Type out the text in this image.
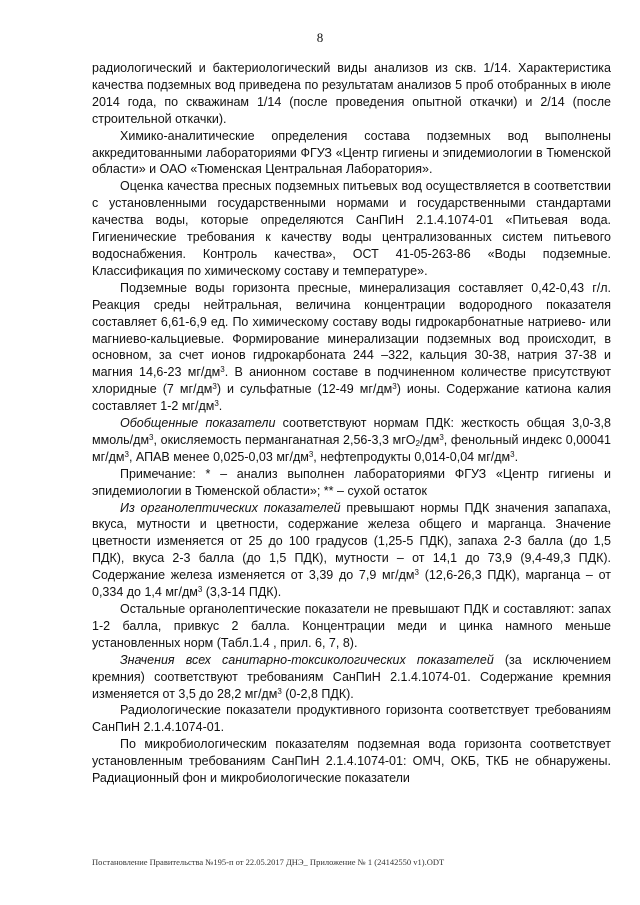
8

радиологический и бактериологический виды анализов из скв. 1/14. Характеристика качества подземных вод приведена по результатам анализов 5 проб отобранных в июле 2014 года, по скважинам 1/14 (после проведения опытной откачки) и 2/14 (после строительной откачки).

Химико-аналитические определения состава подземных вод выполнены аккредитованными лабораториями ФГУЗ «Центр гигиены и эпидемиологии в Тюменской области» и ОАО «Тюменская Центральная Лаборатория».

Оценка качества пресных подземных питьевых вод осуществляется в соответствии с установленными государственными нормами и государственными стандартами качества воды, которые определяются СанПиН 2.1.4.1074-01 «Питьевая вода. Гигиенические требования к качеству воды централизованных систем питьевого водоснабжения. Контроль качества», ОСТ 41-05-263-86 «Воды подземные. Классификация по химическому составу и температуре».

Подземные воды горизонта пресные, минерализация составляет 0,42-0,43 г/л. Реакция среды нейтральная, величина концентрации водородного показателя составляет 6,61-6,9 ед. По химическому составу воды гидрокарбонатные натриево- или магниево-кальциевые. Формирование минерализации подземных вод происходит, в основном, за счет ионов гидрокарбоната 244 –322, кальция 30-38, натрия 37-38 и магния 14,6-23 $мг/дм^3$. В анионном составе в подчиненном количестве присутствуют хлоридные (7 $мг/дм^3$) и сульфатные (12-49 $мг/дм^3$) ионы. Содержание катиона калия составляет 1-2 $мг/дм^3$.

Обобщенные показатели соответствуют нормам ПДК: жесткость общая 3,0-3,8 ммоль/$дм^3$, окисляемость перманганатная 2,56-3,3 $мгО_2/дм^3$, фенольный индекс 0,00041 $мг/дм^3$, АПАВ менее 0,025-0,03 $мг/дм^3$, нефтепродукты 0,014-0,04 $мг/дм^3$.

Примечание: * – анализ выполнен лабораториями ФГУЗ «Центр гигиены и эпидемиологии в Тюменской области»; ** – сухой остаток

Из органолептических показателей превышают нормы ПДК значения запапаха, вкуса, мутности и цветности, содержание железа общего и марганца. Значение цветности изменяется от 25 до 100 градусов (1,25-5 ПДК), запаха 2-3 балла (до 1,5 ПДК), вкуса 2-3 балла (до 1,5 ПДК), мутности – от 14,1 до 73,9 (9,4-49,3 ПДК). Содержание железа изменяется от 3,39 до 7,9 $мг/дм^3$ (12,6-26,3 ПДК), марганца – от 0,334 до 1,4 $мг/дм^3$ (3,3-14 ПДК).

Остальные органолептические показатели не превышают ПДК и составляют: запах 1-2 балла, привкус 2 балла. Концентрации меди и цинка намного меньше установленных норм (Табл.1.4 , прил. 6, 7, 8).

Значения всех санитарно-токсикологических показателей (за исключением кремния) соответствуют требованиям СанПиН 2.1.4.1074-01. Содержание кремния изменяется от 3,5 до 28,2 $мг/дм^3$ (0-2,8 ПДК).

Радиологические показатели продуктивного горизонта соответствует требованиям СанПиН 2.1.4.1074-01.

По микробиологическим показателям подземная вода горизонта соответствует установленным требованиям СанПиН 2.1.4.1074-01: ОМЧ, ОКБ, ТКБ не обнаружены. Радиационный фон и микробиологические показатели

Постановление Правительства №195-п от 22.05.2017 ДНЭ_ Приложение № 1 (24142550 v1).ODT
